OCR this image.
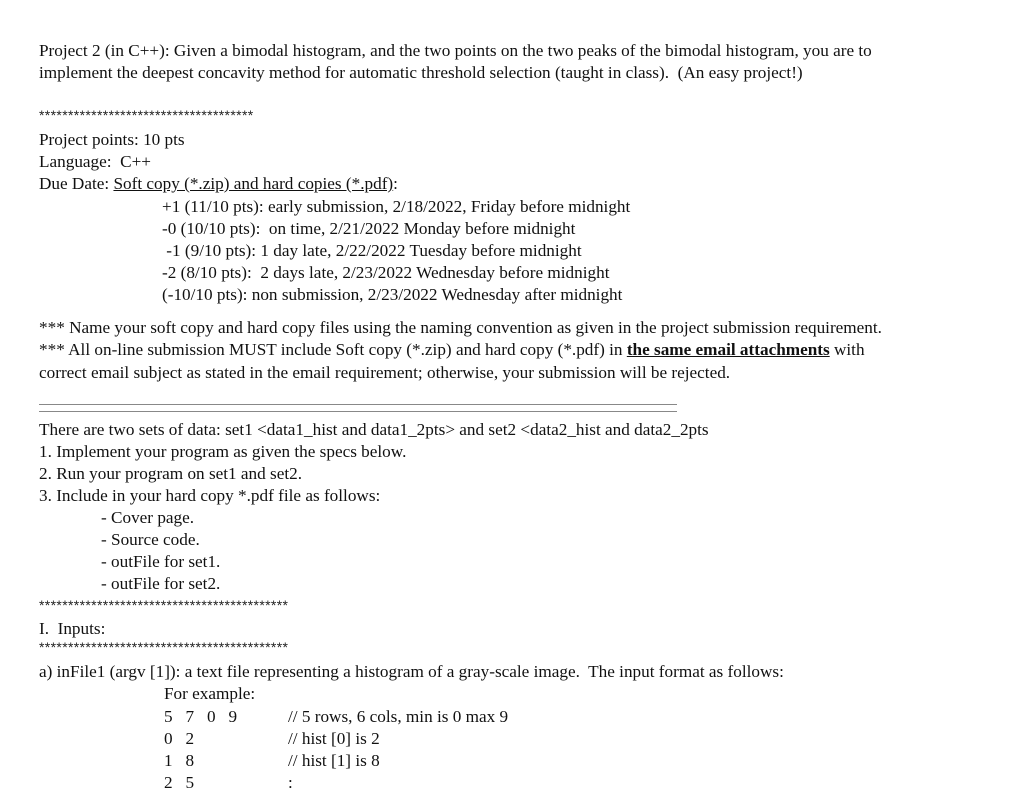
Project 2 (in C++): Given a bimodal histogram, and the two points on the two peaks of the bimodal histogram, you are to
implement the deepest concavity method for automatic threshold selection (taught in class).  (An easy project!)
*************************************
Project points: 10 pts
Language:  C++
Due Date: Soft copy (*.zip) and hard copies (*.pdf):
+1 (11/10 pts): early submission, 2/18/2022, Friday before midnight
-0 (10/10 pts):  on time, 2/21/2022 Monday before midnight
-1 (9/10 pts): 1 day late, 2/22/2022 Tuesday before midnight
-2 (8/10 pts):  2 days late, 2/23/2022 Wednesday before midnight
(-10/10 pts): non submission, 2/23/2022 Wednesday after midnight
*** Name your soft copy and hard copy files using the naming convention as given in the project submission requirement.
*** All on-line submission MUST include Soft copy (*.zip) and hard copy (*.pdf) in the same email attachments with
correct email subject as stated in the email requirement; otherwise, your submission will be rejected.
There are two sets of data: set1 <data1_hist and data1_2pts> and set2 <data2_hist and data2_2pts
1. Implement your program as given the specs below.
2. Run your program on set1 and set2.
3. Include in your hard copy *.pdf file as follows:
- Cover page.
- Source code.
- outFile for set1.
- outFile for set2.
*******************************************
I.  Inputs:
*******************************************
a) inFile1 (argv [1]): a text file representing a histogram of a gray-scale image.  The input format as follows:
For example:
5   7   0   9	// 5 rows, 6 cols, min is 0 max 9
0   2	// hist [0] is 2
1   8	// hist [1] is 8
2   5	:
